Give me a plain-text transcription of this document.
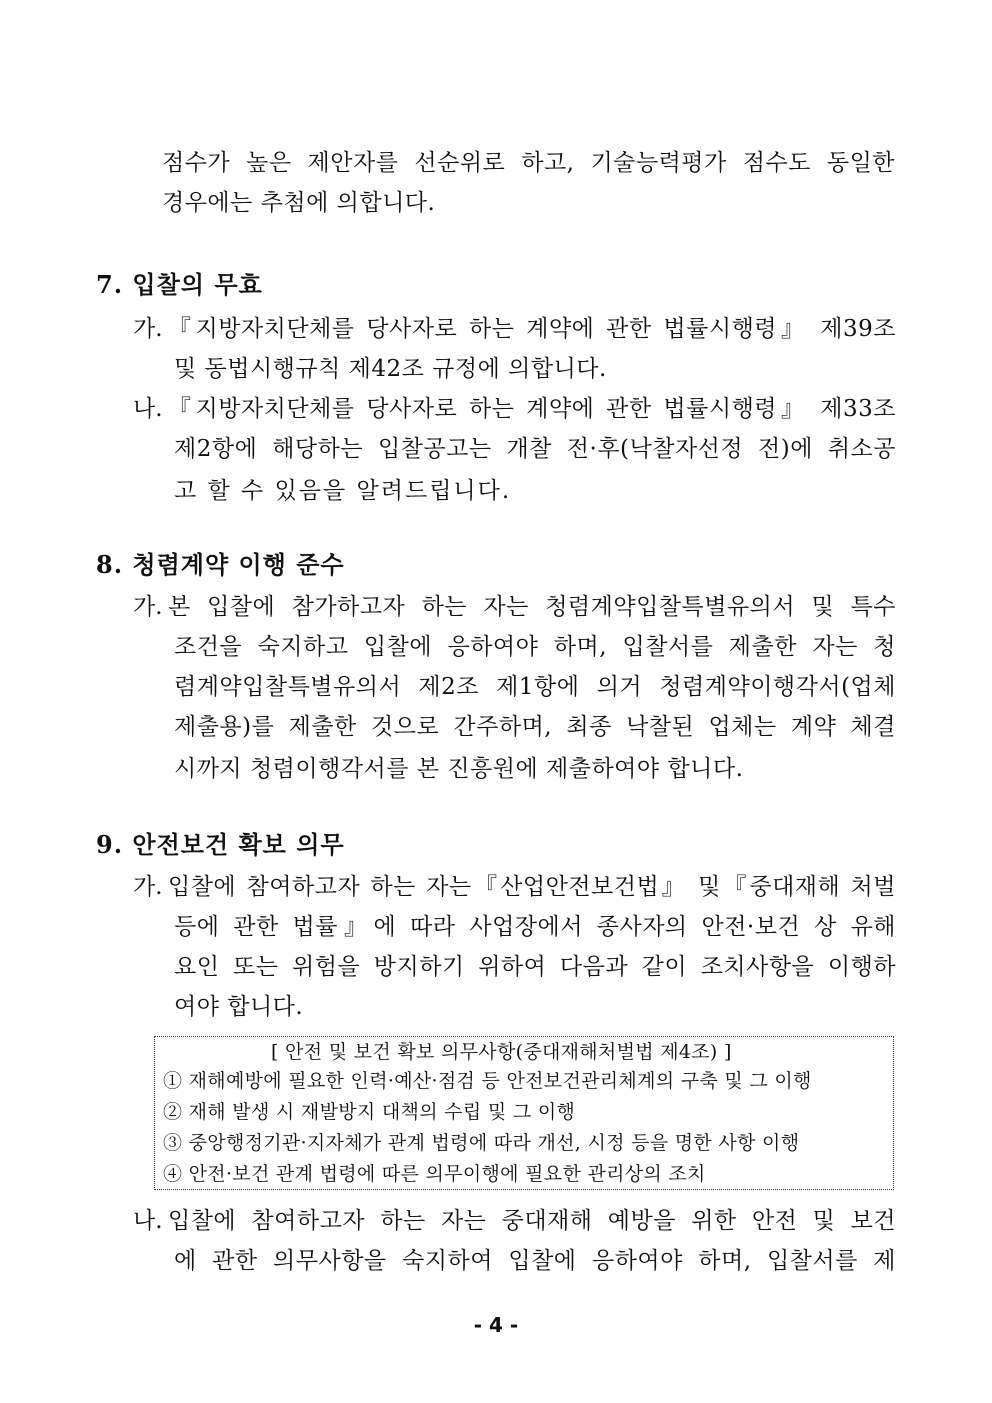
점수가 높은 제안자를 선순위로 하고, 기술능력평가 점수도 동일한
경우에는 추첨에 의합니다.
7. 입찰의 무효
가. 『지방자치단체를 당사자로 하는 계약에 관한 법률시행령』 제39조
및 동법시행규칙 제42조 규정에 의합니다.
나. 『지방자치단체를 당사자로 하는 계약에 관한 법률시행령』 제33조
제2항에 해당하는 입찰공고는 개찰 전·후(낙찰자선정 전)에 취소공
고 할 수 있음을 알려드립니다.
8. 청렴계약 이행 준수
가. 본 입찰에 참가하고자 하는 자는 청렴계약입찰특별유의서 및 특수
조건을 숙지하고 입찰에 응하여야 하며, 입찰서를 제출한 자는 청
렴계약입찰특별유의서 제2조 제1항에 의거 청렴계약이행각서(업체
제출용)를 제출한 것으로 간주하며, 최종 낙찰된 업체는 계약 체결
시까지 청렴이행각서를 본 진흥원에 제출하여야 합니다.
9. 안전보건 확보 의무
가. 입찰에 참여하고자 하는 자는『산업안전보건법』 및『중대재해 처벌
등에 관한 법률』에 따라 사업장에서 종사자의 안전·보건 상 유해
요인 또는 위험을 방지하기 위하여 다음과 같이 조치사항을 이행하
여야 합니다.
[ 안전 및 보건 확보 의무사항(중대재해처벌법 제4조) ]
① 재해예방에 필요한 인력·예산·점검 등 안전보건관리체계의 구축 및 그 이행
② 재해 발생 시 재발방지 대책의 수립 및 그 이행
③ 중앙행정기관·지자체가 관계 법령에 따라 개선, 시정 등을 명한 사항 이행
④ 안전·보건 관계 법령에 따른 의무이행에 필요한 관리상의 조치
나. 입찰에 참여하고자 하는 자는 중대재해 예방을 위한 안전 및 보건
에 관한 의무사항을 숙지하여 입찰에 응하여야 하며, 입찰서를 제
- 4 -
